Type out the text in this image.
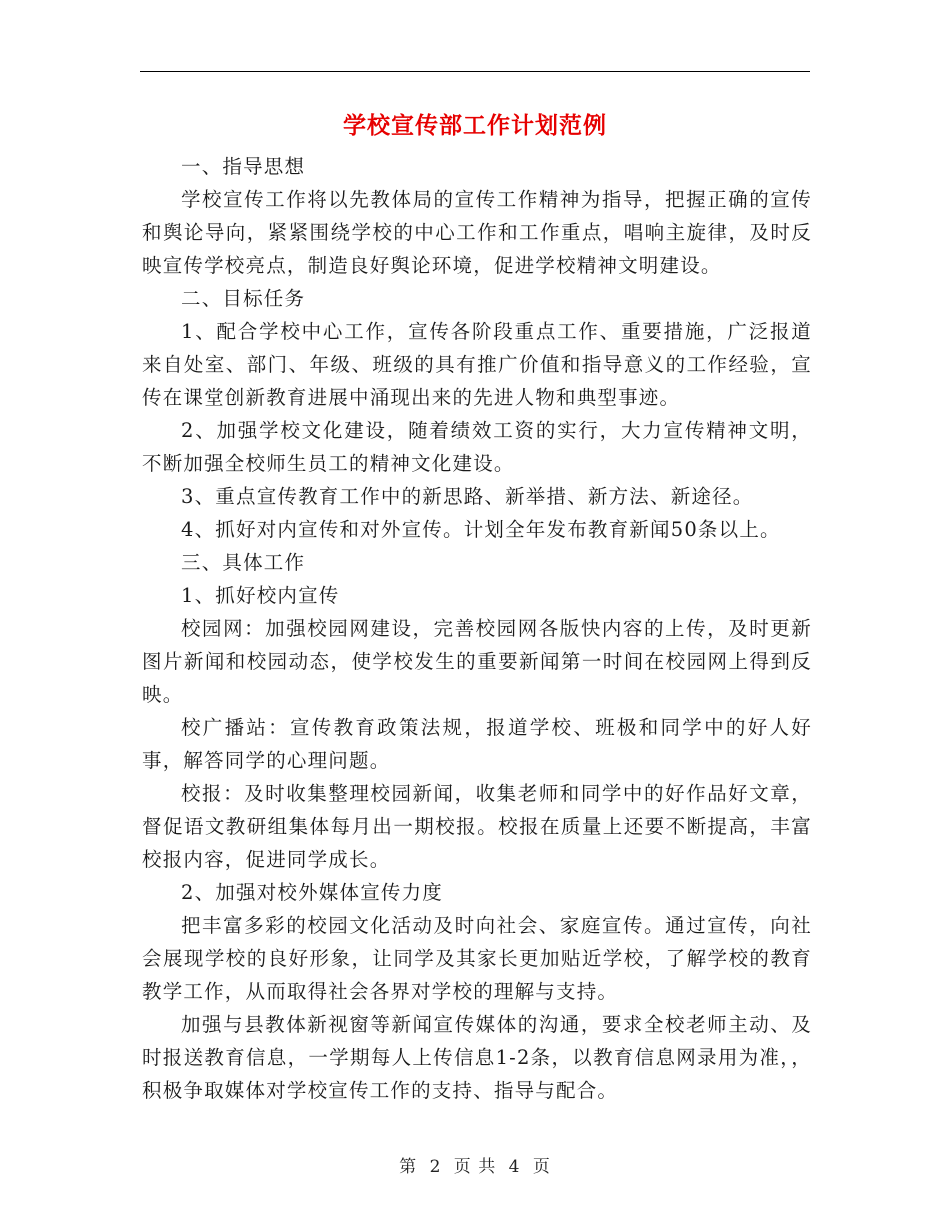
学校宣传部工作计划范例

一、指导思想

学校宣传工作将以先教体局的宣传工作精神为指导，把握正确的宣传和舆论导向，紧紧围绕学校的中心工作和工作重点，唱响主旋律，及时反映宣传学校亮点，制造良好舆论环境，促进学校精神文明建设。

二、目标任务

1、配合学校中心工作，宣传各阶段重点工作、重要措施，广泛报道来自处室、部门、年级、班级的具有推广价值和指导意义的工作经验，宣传在课堂创新教育进展中涌现出来的先进人物和典型事迹。

2、加强学校文化建设，随着绩效工资的实行，大力宣传精神文明，不断加强全校师生员工的精神文化建设。

3、重点宣传教育工作中的新思路、新举措、新方法、新途径。

4、抓好对内宣传和对外宣传。计划全年发布教育新闻50条以上。

三、具体工作

1、抓好校内宣传

校园网：加强校园网建设，完善校园网各版快内容的上传，及时更新图片新闻和校园动态，使学校发生的重要新闻第一时间在校园网上得到反映。

校广播站：宣传教育政策法规，报道学校、班极和同学中的好人好事，解答同学的心理问题。

校报：及时收集整理校园新闻，收集老师和同学中的好作品好文章，督促语文教研组集体每月出一期校报。校报在质量上还要不断提高，丰富校报内容，促进同学成长。

2、加强对校外媒体宣传力度

把丰富多彩的校园文化活动及时向社会、家庭宣传。通过宣传，向社会展现学校的良好形象，让同学及其家长更加贴近学校，了解学校的教育教学工作，从而取得社会各界对学校的理解与支持。

加强与县教体新视窗等新闻宣传媒体的沟通，要求全校老师主动、及时报送教育信息，一学期每人上传信息1-2条，以教育信息网录用为准，，积极争取媒体对学校宣传工作的支持、指导与配合。

第 2 页 共 4 页
